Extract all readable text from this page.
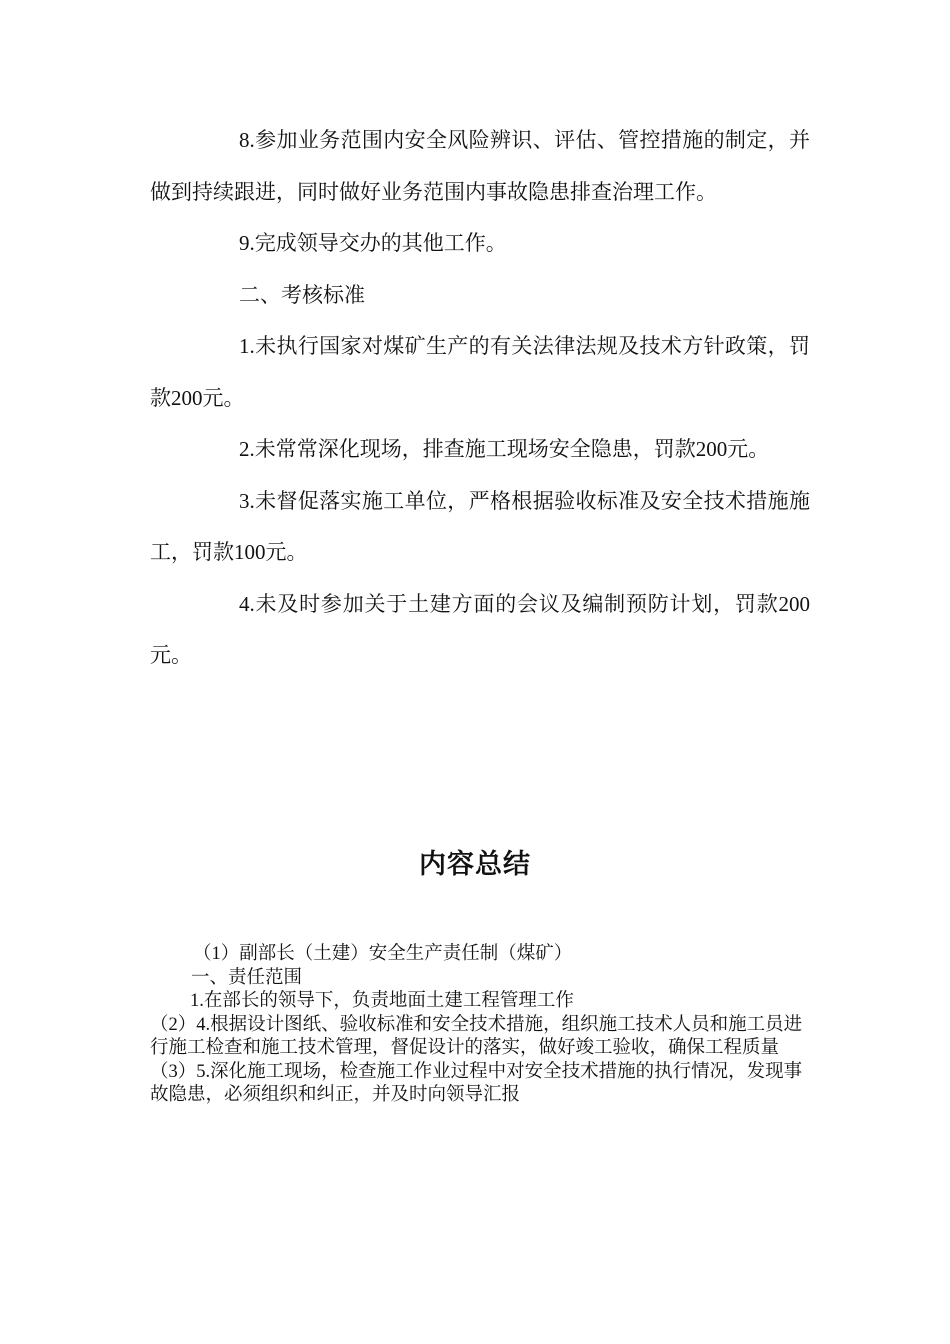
8.参加业务范围内安全风险辨识、评估、管控措施的制定，并做到持续跟进，同时做好业务范围内事故隐患排查治理工作。

9.完成领导交办的其他工作。

二、考核标准

1.未执行国家对煤矿生产的有关法律法规及技术方针政策，罚款200元。

2.未常常深化现场，排查施工现场安全隐患，罚款200元。

3.未督促落实施工单位，严格根据验收标准及安全技术措施施工，罚款100元。

4.未及时参加关于土建方面的会议及编制预防计划，罚款200元。

内容总结

（1）副部长（土建）安全生产责任制（煤矿）

一、责任范围

1.在部长的领导下，负责地面土建工程管理工作

（2）4.根据设计图纸、验收标准和安全技术措施，组织施工技术人员和施工员进行施工检查和施工技术管理，督促设计的落实，做好竣工验收，确保工程质量

（3）5.深化施工现场，检查施工作业过程中对安全技术措施的执行情况，发现事故隐患，必须组织和纠正，并及时向领导汇报
